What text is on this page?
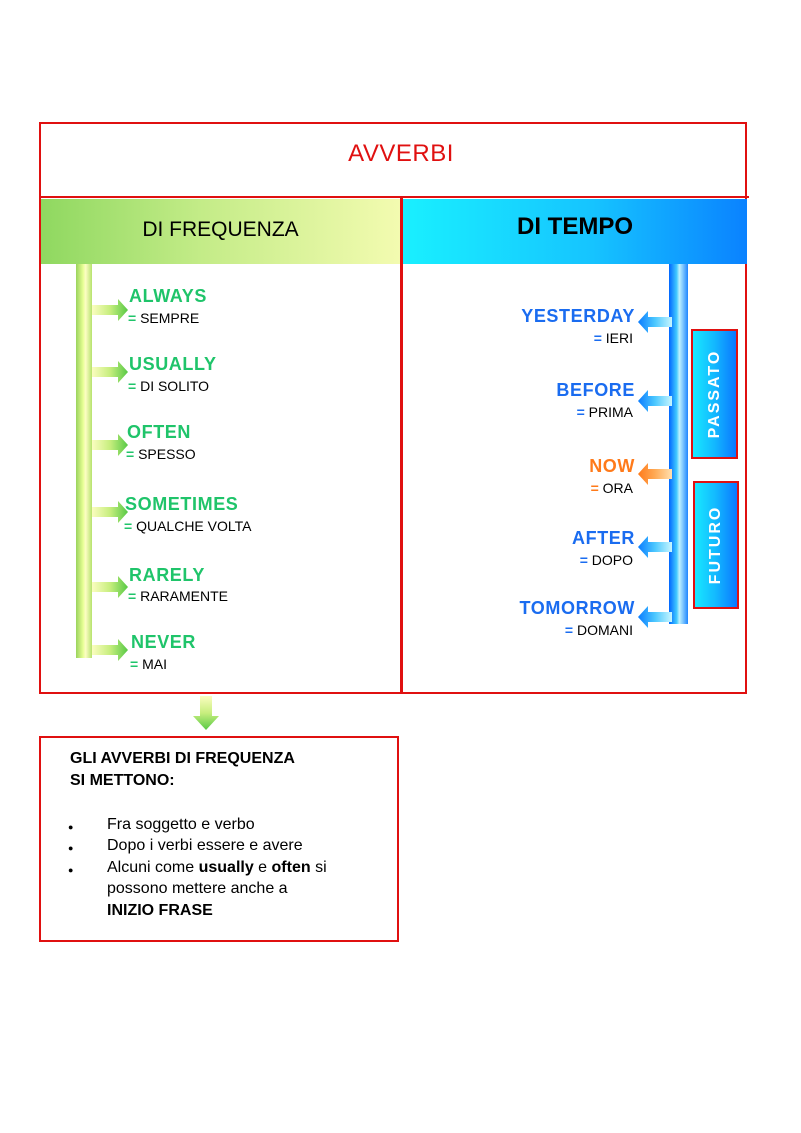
AVVERBI
DI FREQUENZA	DI TEMPO
ALWAYS
= SEMPRE
USUALLY
= DI SOLITO
OFTEN
= SPESSO
SOMETIMES
= QUALCHE VOLTA
RARELY
= RARAMENTE
NEVER
= MAI
YESTERDAY
= IERI
BEFORE
= PRIMA
NOW
= ORA
AFTER
= DOPO
TOMORROW
= DOMANI
PASSATO
FUTURO
GLI AVVERBI DI FREQUENZA
SI METTONO:
● Fra soggetto e verbo
● Dopo i verbi essere e avere
● Alcuni come usually e often si
possono mettere anche a
INIZIO FRASE
